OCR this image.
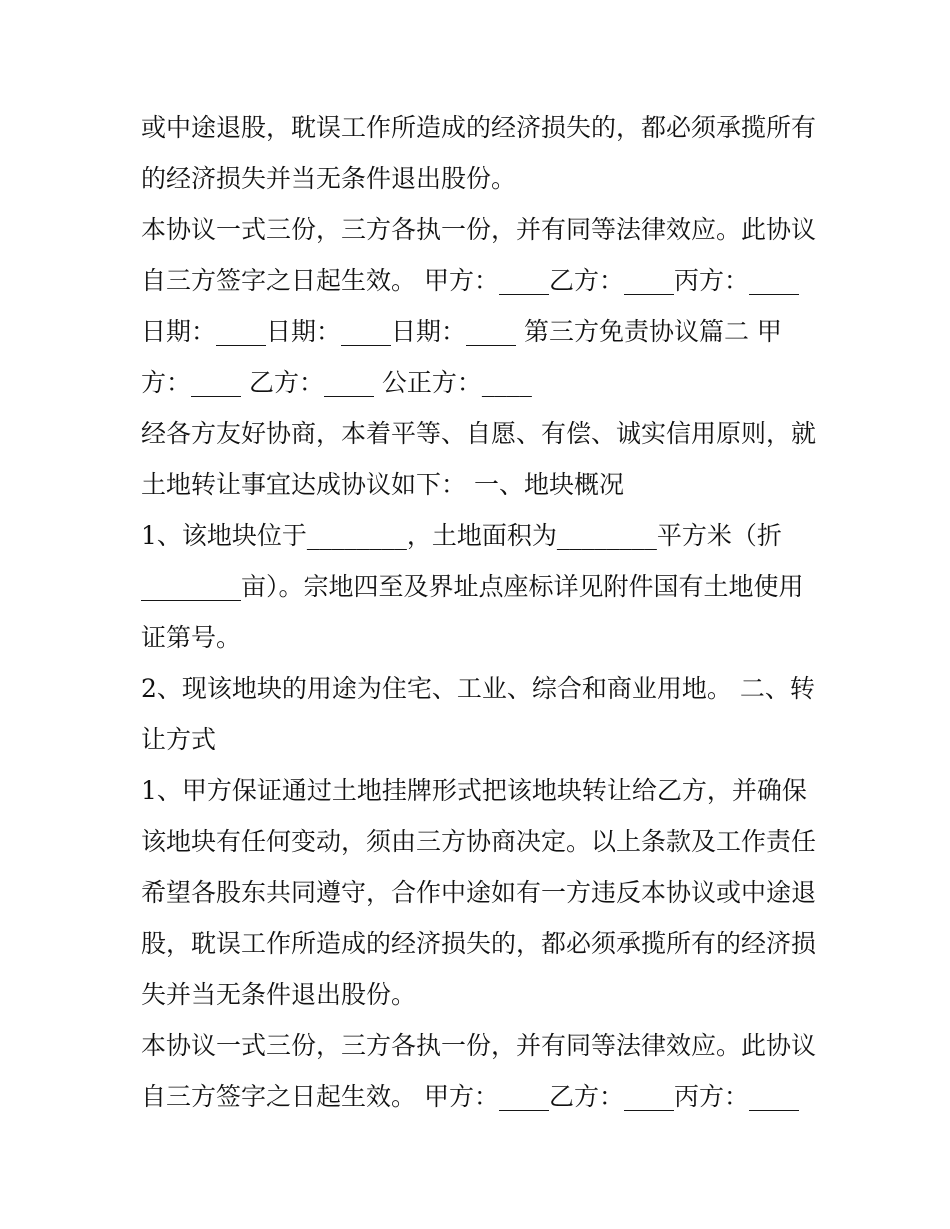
或中途退股，耽误工作所造成的经济损失的，都必须承揽所有
的经济损失并当无条件退出股份。
本协议一式三份，三方各执一份，并有同等法律效应。此协议
自三方签字之日起生效。 甲方：____乙方：____丙方：____
日期：____日期：____日期：____ 第三方免责协议篇二 甲
方：____ 乙方：____ 公正方：____
经各方友好协商，本着平等、自愿、有偿、诚实信用原则，就
土地转让事宜达成协议如下： 一、地块概况
1、该地块位于________，土地面积为________平方米（折
________亩）。宗地四至及界址点座标详见附件国有土地使用
证第号。
2、现该地块的用途为住宅、工业、综合和商业用地。 二、转
让方式
1、甲方保证通过土地挂牌形式把该地块转让给乙方，并确保
该地块有任何变动，须由三方协商决定。以上条款及工作责任
希望各股东共同遵守，合作中途如有一方违反本协议或中途退
股，耽误工作所造成的经济损失的，都必须承揽所有的经济损
失并当无条件退出股份。
本协议一式三份，三方各执一份，并有同等法律效应。此协议
自三方签字之日起生效。 甲方：____乙方：____丙方：____
